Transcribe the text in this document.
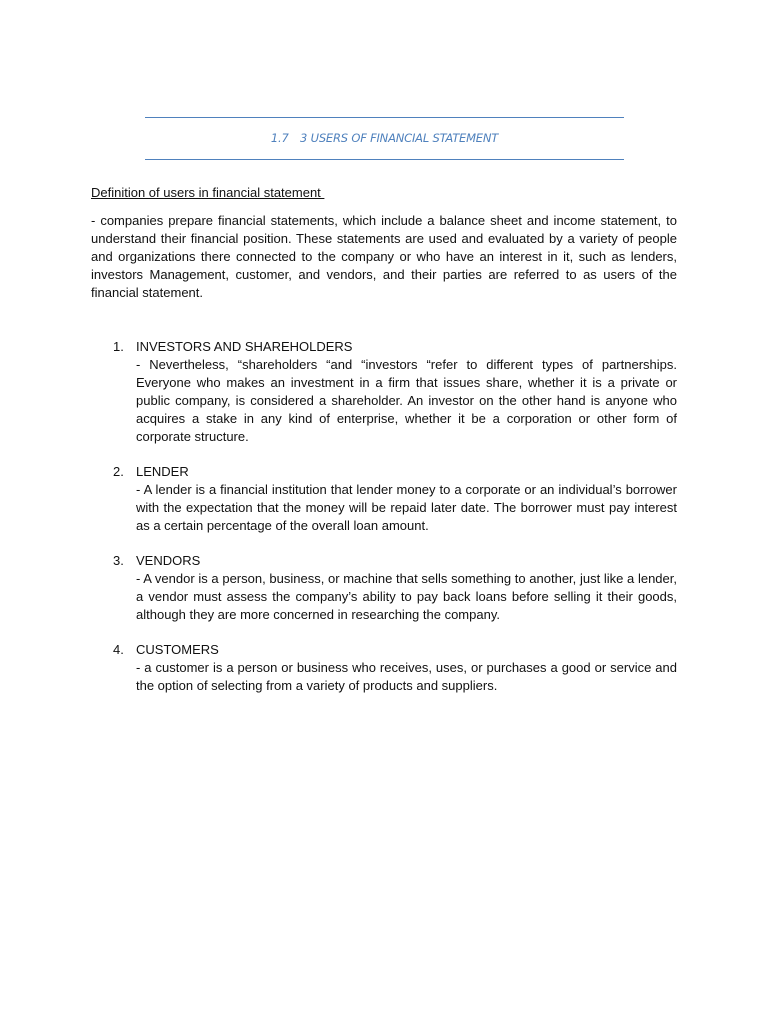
1.7 3 USERS OF FINANCIAL STATEMENT
Definition of users in financial statement

- companies prepare financial statements, which include a balance sheet and income statement, to understand their financial position. These statements are used and evaluated by a variety of people and organizations there connected to the company or who have an interest in it, such as lenders, investors Management, customer, and vendors, and their parties are referred to as users of the financial statement.

1. INVESTORS AND SHAREHOLDERS
- Nevertheless, “shareholders “and “investors “refer to different types of partnerships. Everyone who makes an investment in a firm that issues share, whether it is a private or public company, is considered a shareholder. An investor on the other hand is anyone who acquires a stake in any kind of enterprise, whether it be a corporation or other form of corporate structure.
2. LENDER
- A lender is a financial institution that lender money to a corporate or an individual’s borrower with the expectation that the money will be repaid later date. The borrower must pay interest as a certain percentage of the overall loan amount.
3. VENDORS
- A vendor is a person, business, or machine that sells something to another, just like a lender, a vendor must assess the company’s ability to pay back loans before selling it their goods, although they are more concerned in researching the company.
4. CUSTOMERS
- a customer is a person or business who receives, uses, or purchases a good or service and the option of selecting from a variety of products and suppliers.
